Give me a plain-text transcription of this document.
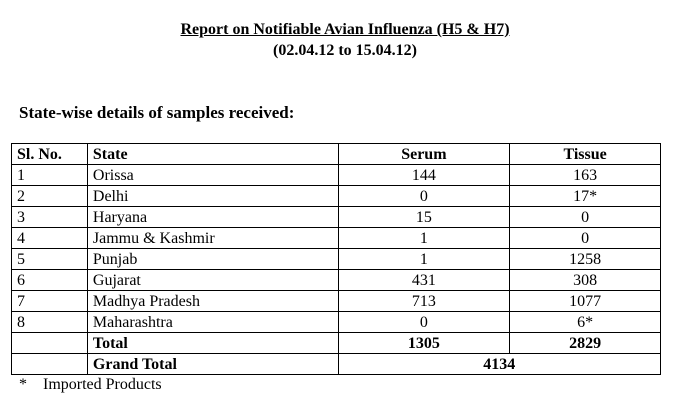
Report on Notifiable Avian Influenza (H5 & H7)
(02.04.12 to 15.04.12)
State-wise details of samples received:
Sl. No.	State	Serum	Tissue
1	Orissa	144	163
2	Delhi	0	17*
3	Haryana	15	0
4	Jammu & Kashmir	1	0
5	Punjab	1	1258
6	Gujarat	431	308
7	Madhya Pradesh	713	1077
8	Maharashtra	0	6*
	Total	1305	2829
	Grand Total	4134	
* Imported Products
